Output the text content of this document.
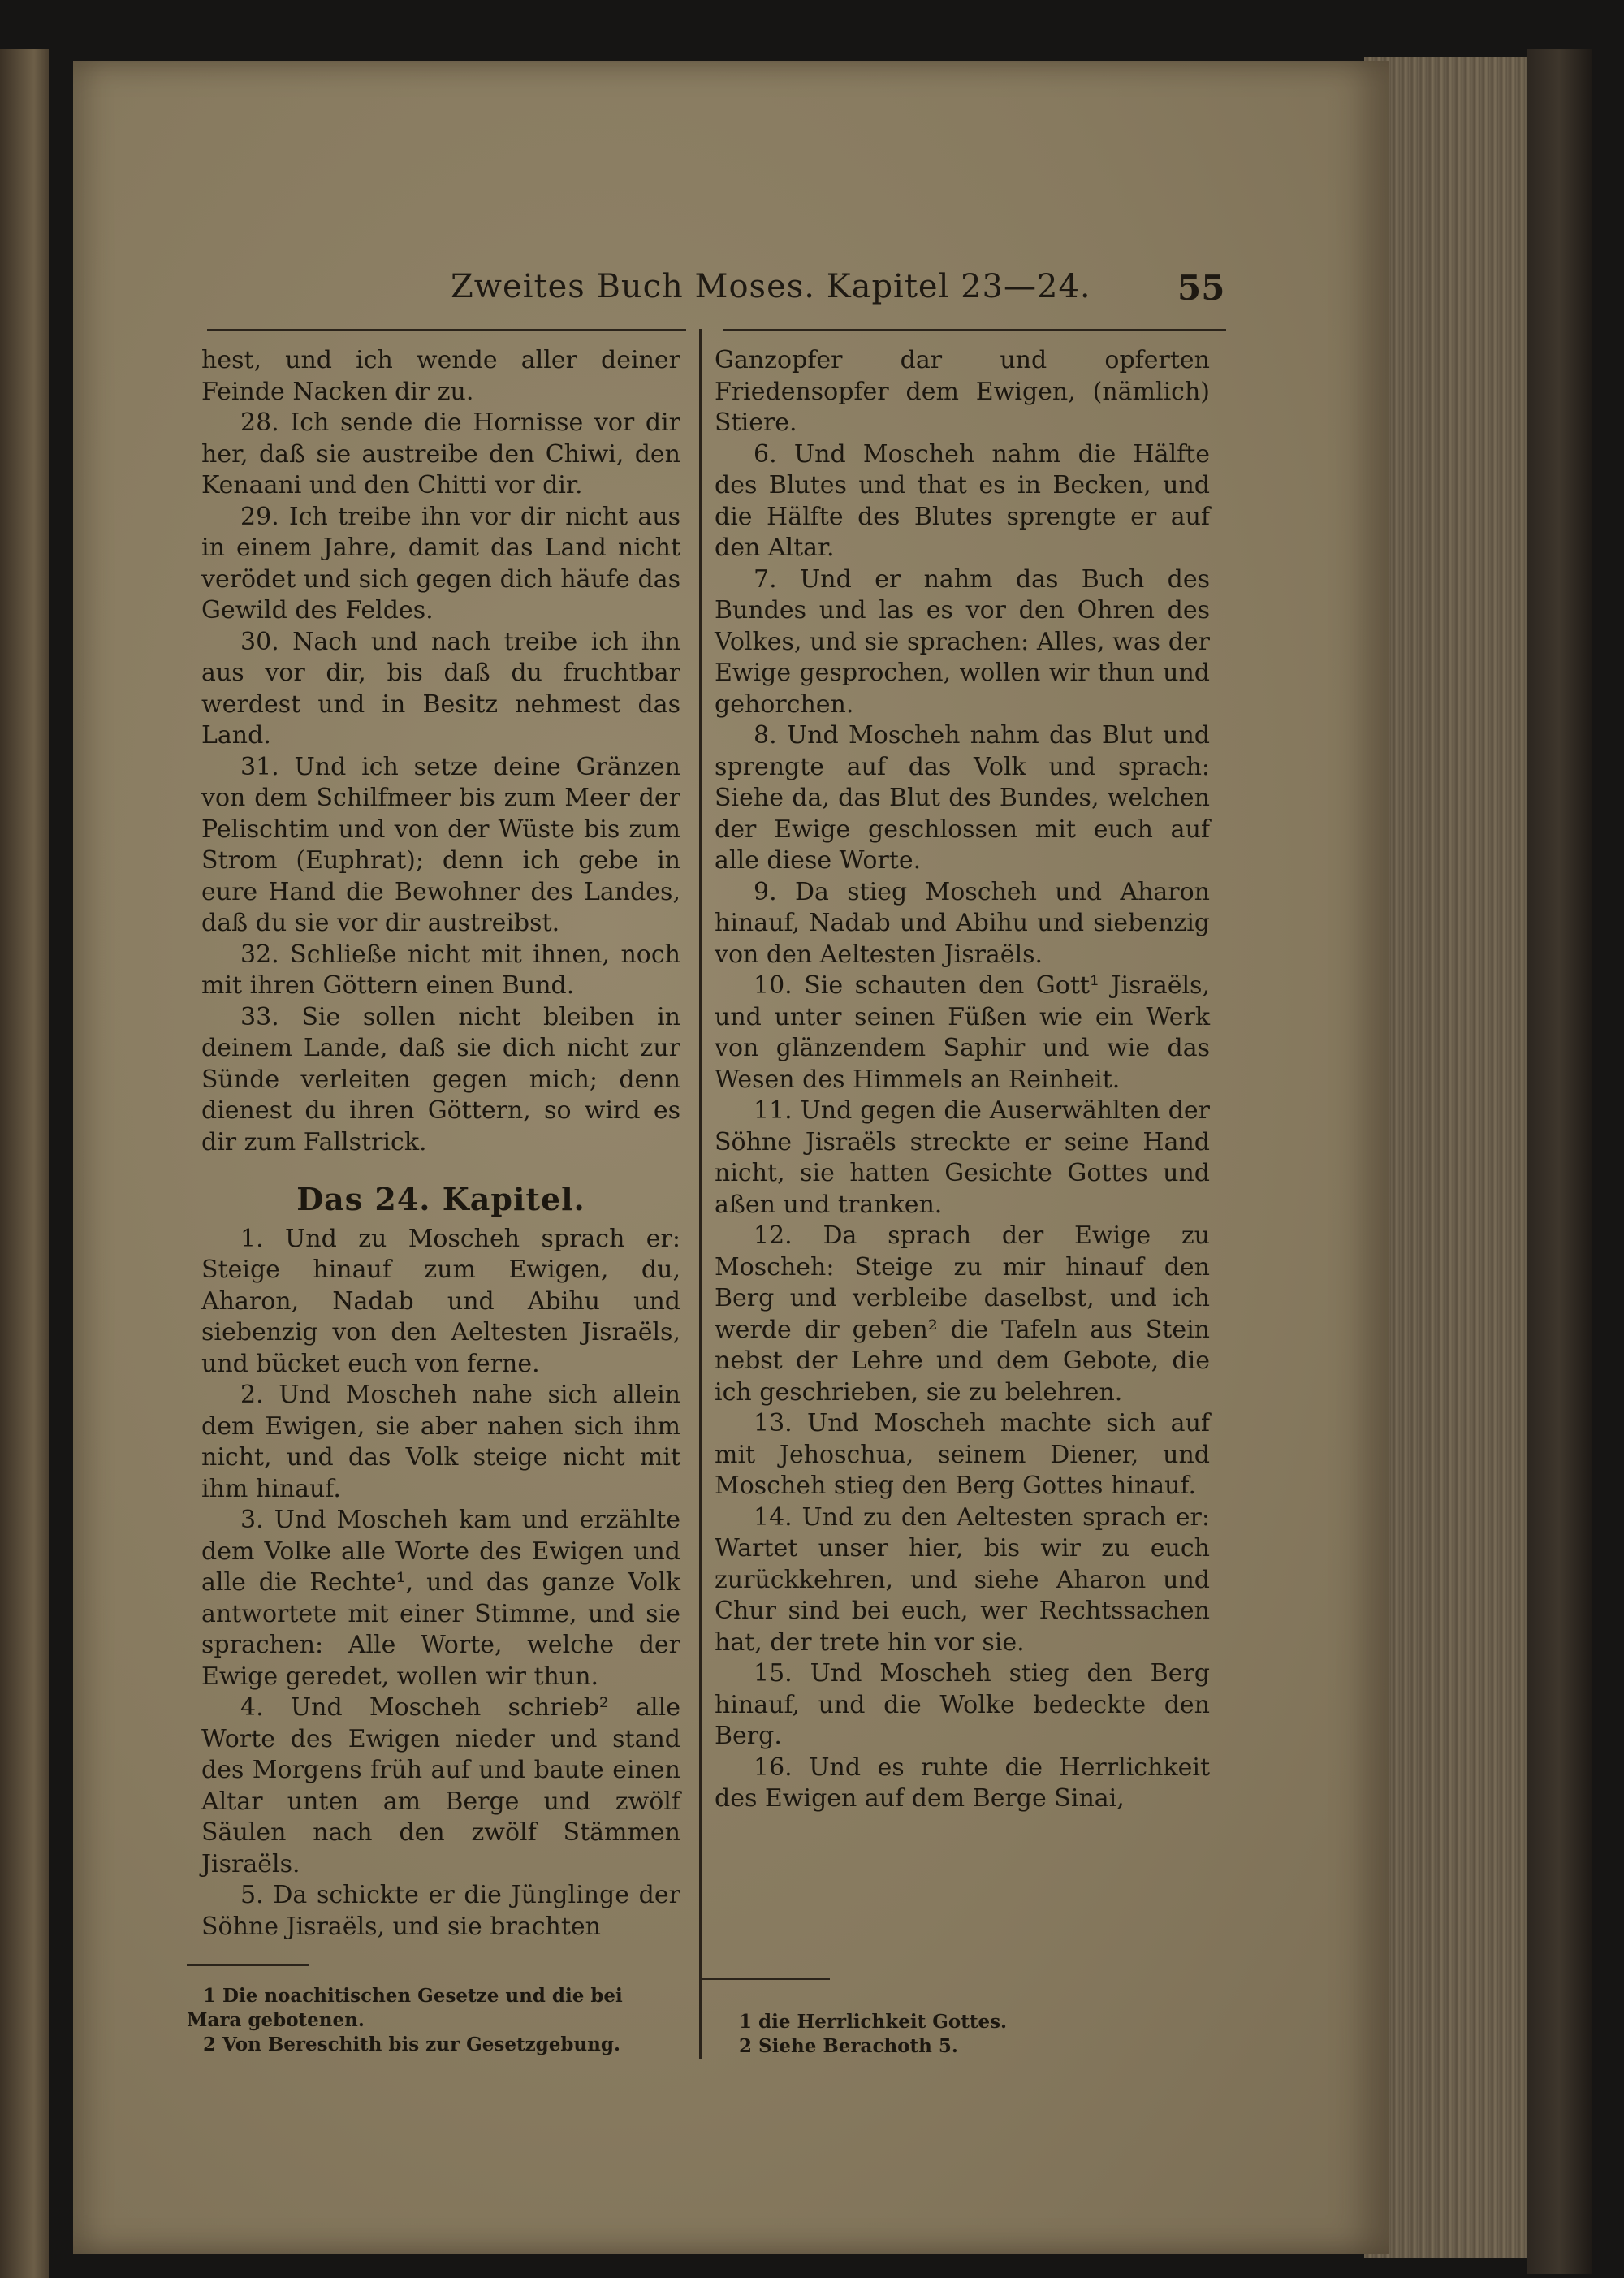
Zweites Buch Moses. Kapitel 23—24.	55

hest, und ich wende aller deiner Feinde Nacken dir zu.

28. Ich sende die Hornisse vor dir her, daß sie austreibe den Chiwi, den Kenaani und den Chitti vor dir.

29. Ich treibe ihn vor dir nicht aus in einem Jahre, damit das Land nicht verödet und sich gegen dich häufe das Gewild des Feldes.

30. Nach und nach treibe ich ihn aus vor dir, bis daß du fruchtbar werdest und in Besitz nehmest das Land.

31. Und ich setze deine Gränzen von dem Schilfmeer bis zum Meer der Pelischtim und von der Wüste bis zum Strom (Euphrat); denn ich gebe in eure Hand die Bewohner des Landes, daß du sie vor dir austreibst.

32. Schließe nicht mit ihnen, noch mit ihren Göttern einen Bund.

33. Sie sollen nicht bleiben in deinem Lande, daß sie dich nicht zur Sünde verleiten gegen mich; denn dienest du ihren Göttern, so wird es dir zum Fallstrick.

Das 24. Kapitel.

1. Und zu Moscheh sprach er: Steige hinauf zum Ewigen, du, Aharon, Nadab und Abihu und siebenzig von den Aeltesten Jisraëls, und bücket euch von ferne.

2. Und Moscheh nahe sich allein dem Ewigen, sie aber nahen sich ihm nicht, und das Volk steige nicht mit ihm hinauf.

3. Und Moscheh kam und erzählte dem Volke alle Worte des Ewigen und alle die Rechte¹, und das ganze Volk antwortete mit einer Stimme, und sie sprachen: Alle Worte, welche der Ewige geredet, wollen wir thun.

4. Und Moscheh schrieb² alle Worte des Ewigen nieder und stand des Morgens früh auf und baute einen Altar unten am Berge und zwölf Säulen nach den zwölf Stämmen Jisraëls.

5. Da schickte er die Jünglinge der Söhne Jisraëls, und sie brachten

Ganzopfer dar und opferten Friedensopfer dem Ewigen, (nämlich) Stiere.

6. Und Moscheh nahm die Hälfte des Blutes und that es in Becken, und die Hälfte des Blutes sprengte er auf den Altar.

7. Und er nahm das Buch des Bundes und las es vor den Ohren des Volkes, und sie sprachen: Alles, was der Ewige gesprochen, wollen wir thun und gehorchen.

8. Und Moscheh nahm das Blut und sprengte auf das Volk und sprach: Siehe da, das Blut des Bundes, welchen der Ewige geschlossen mit euch auf alle diese Worte.

9. Da stieg Moscheh und Aharon hinauf, Nadab und Abihu und siebenzig von den Aeltesten Jisraëls.

10. Sie schauten den Gott¹ Jisraëls, und unter seinen Füßen wie ein Werk von glänzendem Saphir und wie das Wesen des Himmels an Reinheit.

11. Und gegen die Auserwählten der Söhne Jisraëls streckte er seine Hand nicht, sie hatten Gesichte Gottes und aßen und tranken.

12. Da sprach der Ewige zu Moscheh: Steige zu mir hinauf den Berg und verbleibe daselbst, und ich werde dir geben² die Tafeln aus Stein nebst der Lehre und dem Gebote, die ich geschrieben, sie zu belehren.

13. Und Moscheh machte sich auf mit Jehoschua, seinem Diener, und Moscheh stieg den Berg Gottes hinauf.

14. Und zu den Aeltesten sprach er: Wartet unser hier, bis wir zu euch zurückkehren, und siehe Aharon und Chur sind bei euch, wer Rechtssachen hat, der trete hin vor sie.

15. Und Moscheh stieg den Berg hinauf, und die Wolke bedeckte den Berg.

16. Und es ruhte die Herrlichkeit des Ewigen auf dem Berge Sinai,

1 Die noachitischen Gesetze und die bei Mara gebotenen.
2 Von Bereschith bis zur Gesetzgebung.
1 die Herrlichkeit Gottes.
2 Siehe Berachoth 5.
